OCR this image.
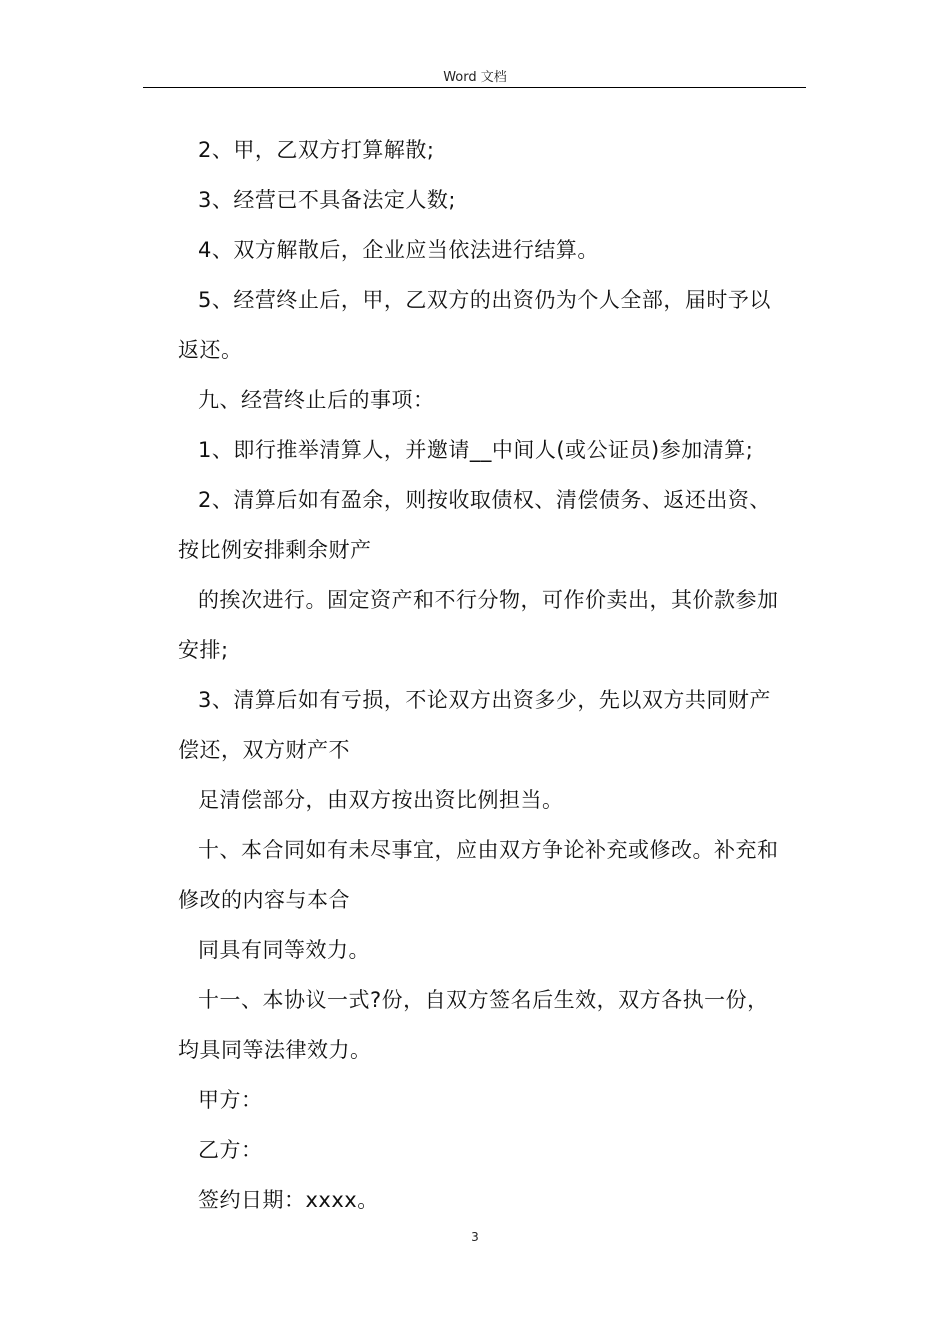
Word 文档
2、甲，乙双方打算解散;
3、经营已不具备法定人数;
4、双方解散后，企业应当依法进行结算。
5、经营终止后，甲，乙双方的出资仍为个人全部，届时予以
返还。
九、经营终止后的事项：
1、即行推举清算人，并邀请__中间人(或公证员)参加清算;
2、清算后如有盈余，则按收取债权、清偿债务、返还出资、
按比例安排剩余财产
的挨次进行。固定资产和不行分物，可作价卖出，其价款参加
安排;
3、清算后如有亏损，不论双方出资多少，先以双方共同财产
偿还，双方财产不
足清偿部分，由双方按出资比例担当。
十、本合同如有未尽事宜，应由双方争论补充或修改。补充和
修改的内容与本合
同具有同等效力。
十一、本协议一式?份，自双方签名后生效，双方各执一份，
均具同等法律效力。
甲方：
乙方：
签约日期：xxxx。
3
